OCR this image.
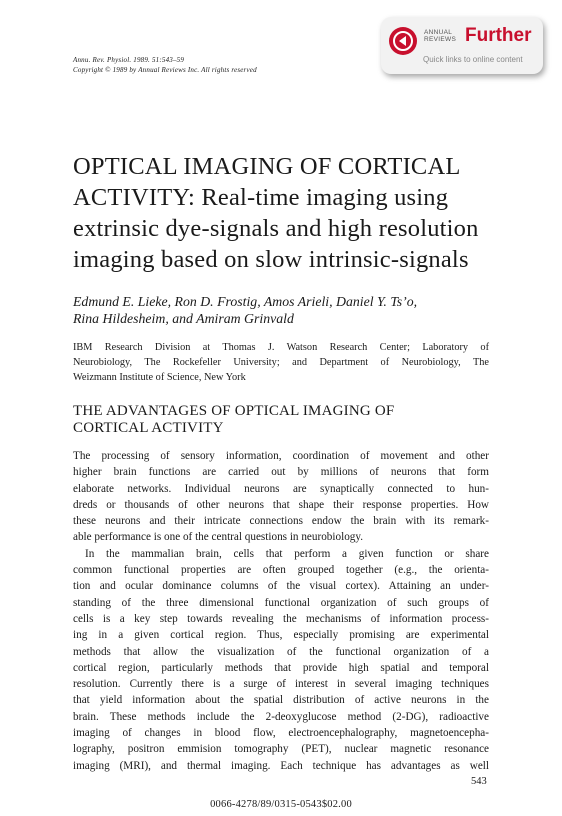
Annu. Rev. Physiol. 1989. 51:543–59
Copyright © 1989 by Annual Reviews Inc. All rights reserved
ANNUAL
REVIEWS Further
Quick links to online content
OPTICAL IMAGING OF CORTICAL
ACTIVITY: Real-time imaging using
extrinsic dye-signals and high resolution
imaging based on slow intrinsic-signals
Edmund E. Lieke, Ron D. Frostig, Amos Arieli, Daniel Y. Ts’o,
Rina Hildesheim, and Amiram Grinvald
IBM Research Division at Thomas J. Watson Research Center; Laboratory of
Neurobiology, The Rockefeller University; and Department of Neurobiology, The
Weizmann Institute of Science, New York
THE ADVANTAGES OF OPTICAL IMAGING OF
CORTICAL ACTIVITY
The processing of sensory information, coordination of movement and other
higher brain functions are carried out by millions of neurons that form
elaborate networks. Individual neurons are synaptically connected to hun-
dreds or thousands of other neurons that shape their response properties. How
these neurons and their intricate connections endow the brain with its remark-
able performance is one of the central questions in neurobiology.
In the mammalian brain, cells that perform a given function or share
common functional properties are often grouped together (e.g., the orienta-
tion and ocular dominance columns of the visual cortex). Attaining an under-
standing of the three dimensional functional organization of such groups of
cells is a key step towards revealing the mechanisms of information process-
ing in a given cortical region. Thus, especially promising are experimental
methods that allow the visualization of the functional organization of a
cortical region, particularly methods that provide high spatial and temporal
resolution. Currently there is a surge of interest in several imaging techniques
that yield information about the spatial distribution of active neurons in the
brain. These methods include the 2-deoxyglucose method (2-DG), radioactive
imaging of changes in blood flow, electroencephalography, magnetoencepha-
lography, positron emmision tomography (PET), nuclear magnetic resonance
imaging (MRI), and thermal imaging. Each technique has advantages as well
543
0066-4278/89/0315-0543$02.00
